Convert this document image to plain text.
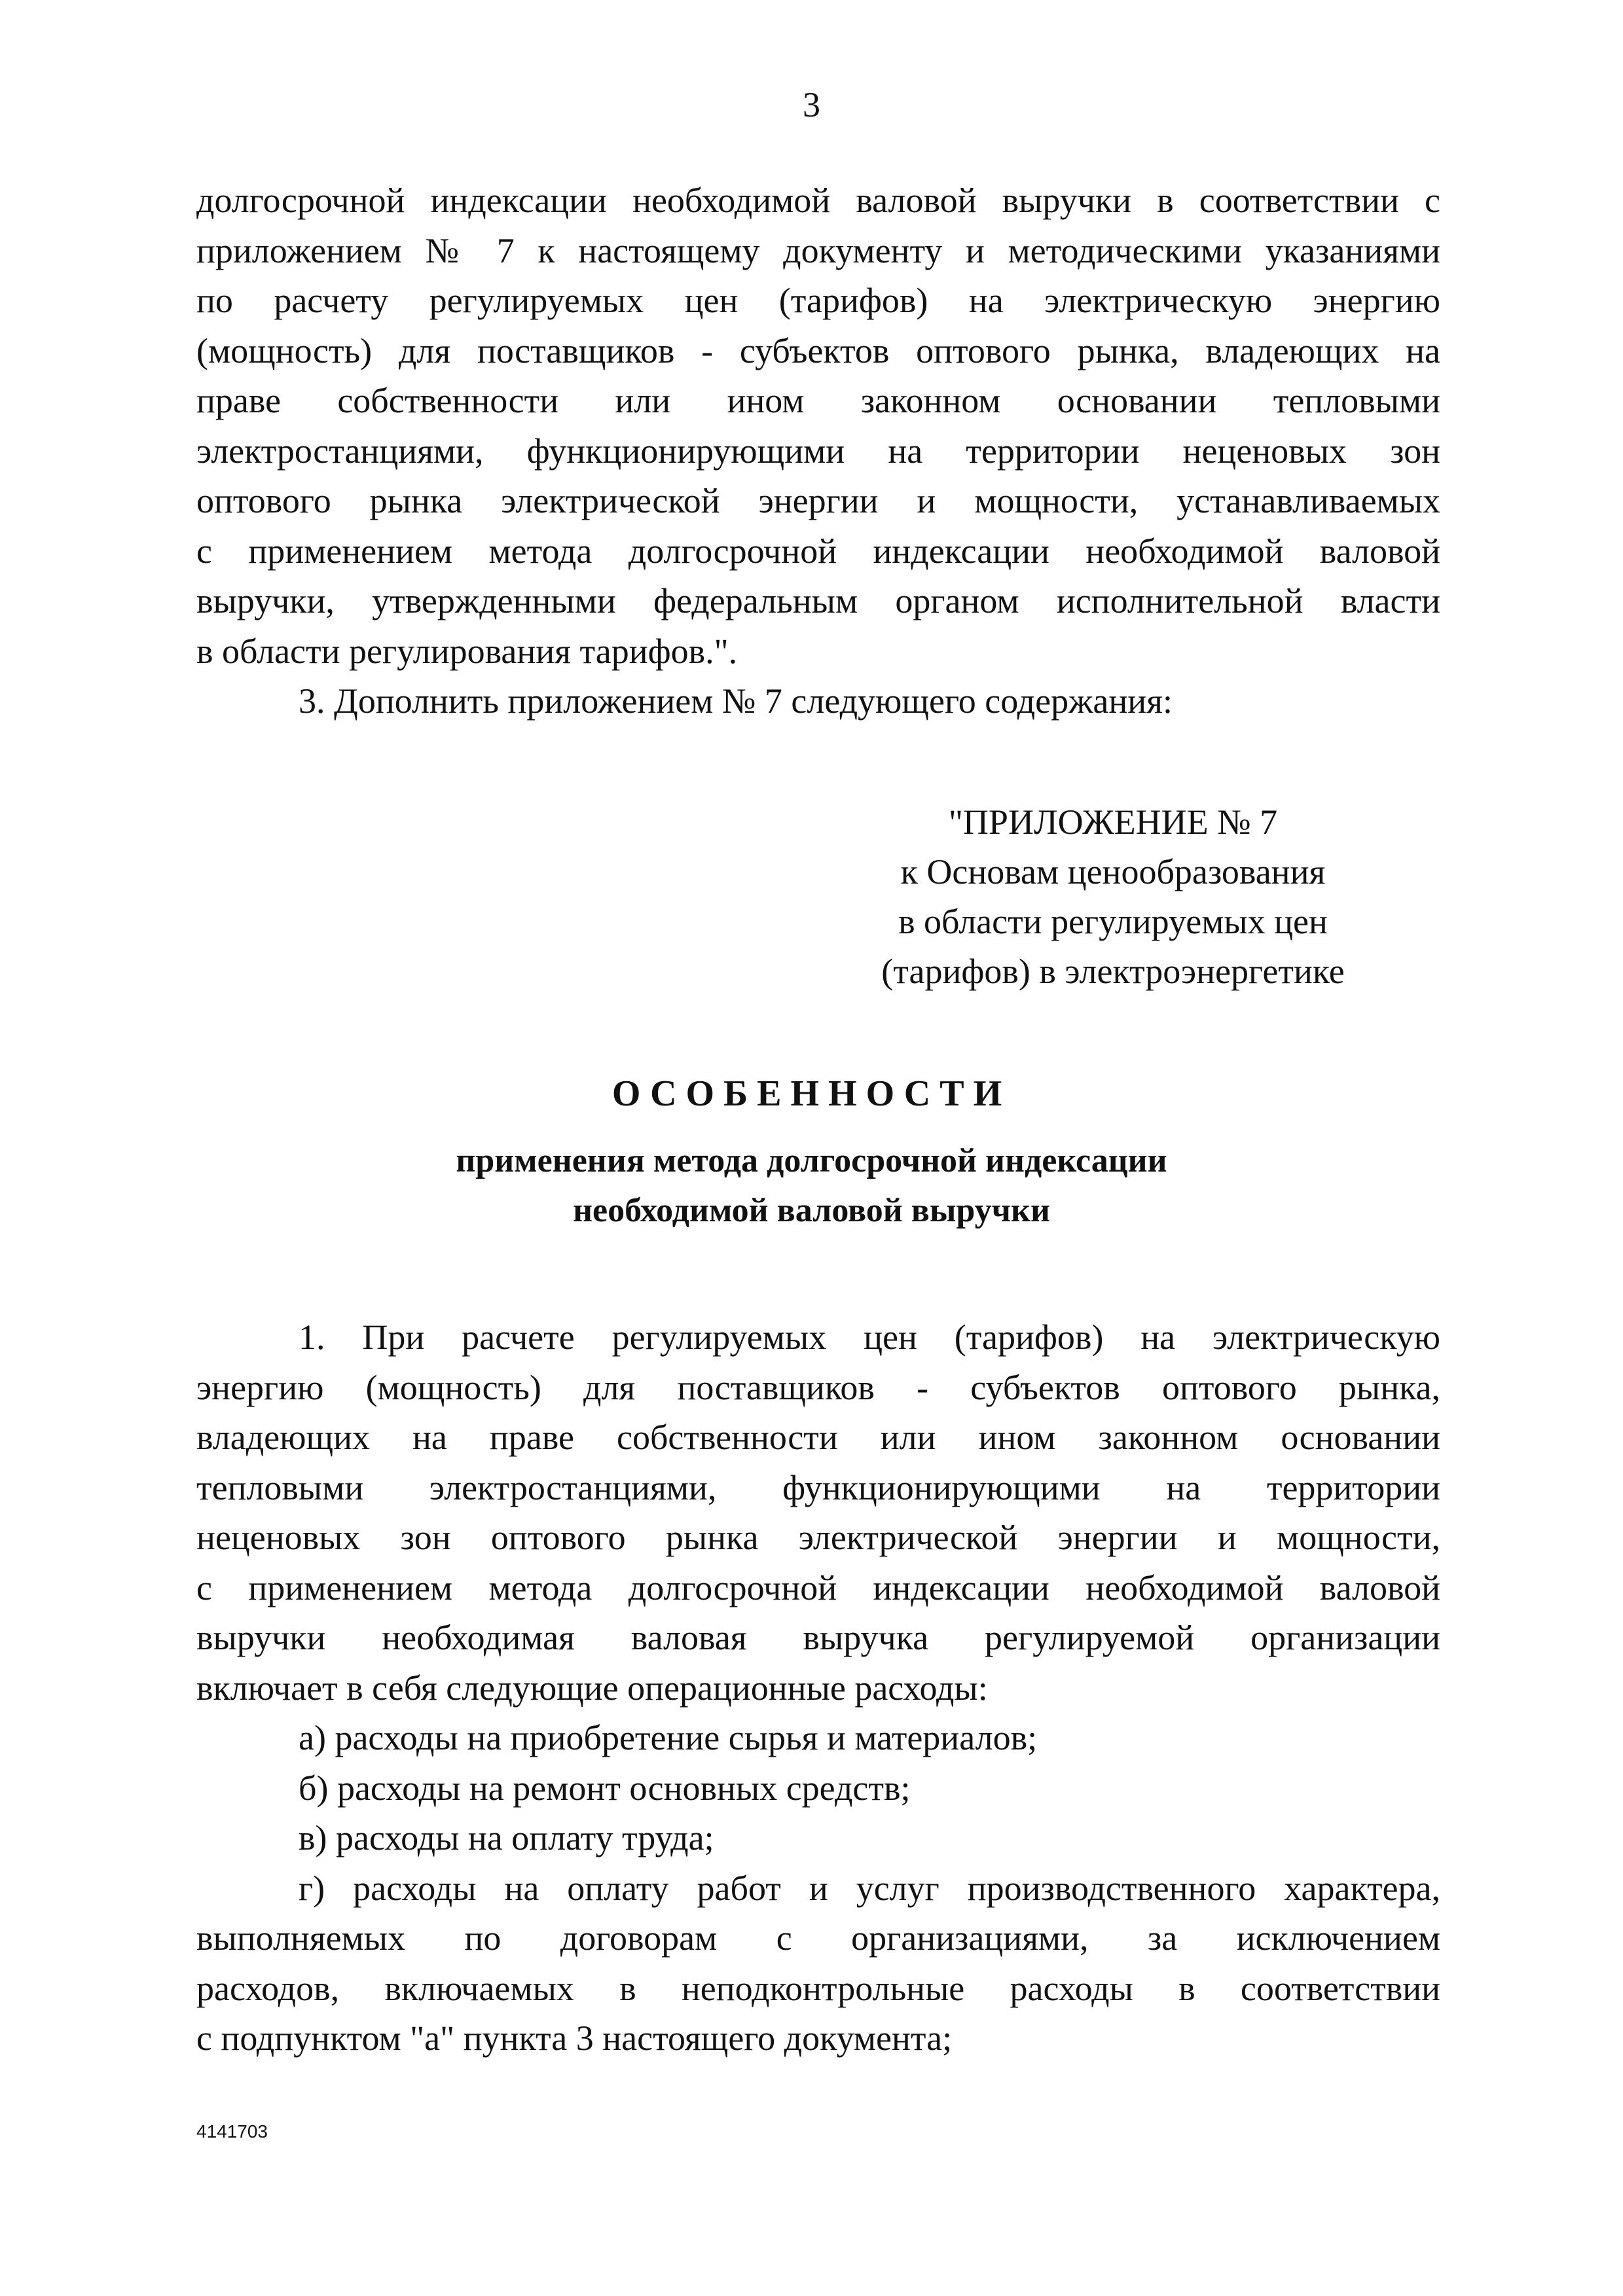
3
долгосрочной индексации необходимой валовой выручки в соответствии с
приложением № 7 к настоящему документу и методическими указаниями
по расчету регулируемых цен (тарифов) на электрическую энергию
(мощность) для поставщиков - субъектов оптового рынка, владеющих на
праве собственности или ином законном основании тепловыми
электростанциями, функционирующими на территории неценовых зон
оптового рынка электрической энергии и мощности, устанавливаемых
с применением метода долгосрочной индексации необходимой валовой
выручки, утвержденными федеральным органом исполнительной власти
в области регулирования тарифов.".
3. Дополнить приложением № 7 следующего содержания:
"ПРИЛОЖЕНИЕ № 7
к Основам ценообразования
в области регулируемых цен
(тарифов) в электроэнергетике
ОСОБЕННОСТИ
применения метода долгосрочной индексации
необходимой валовой выручки
1. При расчете регулируемых цен (тарифов) на электрическую
энергию (мощность) для поставщиков - субъектов оптового рынка,
владеющих на праве собственности или ином законном основании
тепловыми электростанциями, функционирующими на территории
неценовых зон оптового рынка электрической энергии и мощности,
с применением метода долгосрочной индексации необходимой валовой
выручки необходимая валовая выручка регулируемой организации
включает в себя следующие операционные расходы:
а) расходы на приобретение сырья и материалов;
б) расходы на ремонт основных средств;
в) расходы на оплату труда;
г) расходы на оплату работ и услуг производственного характера,
выполняемых по договорам с организациями, за исключением
расходов, включаемых в неподконтрольные расходы в соответствии
с подпунктом "а" пункта 3 настоящего документа;
4141703
